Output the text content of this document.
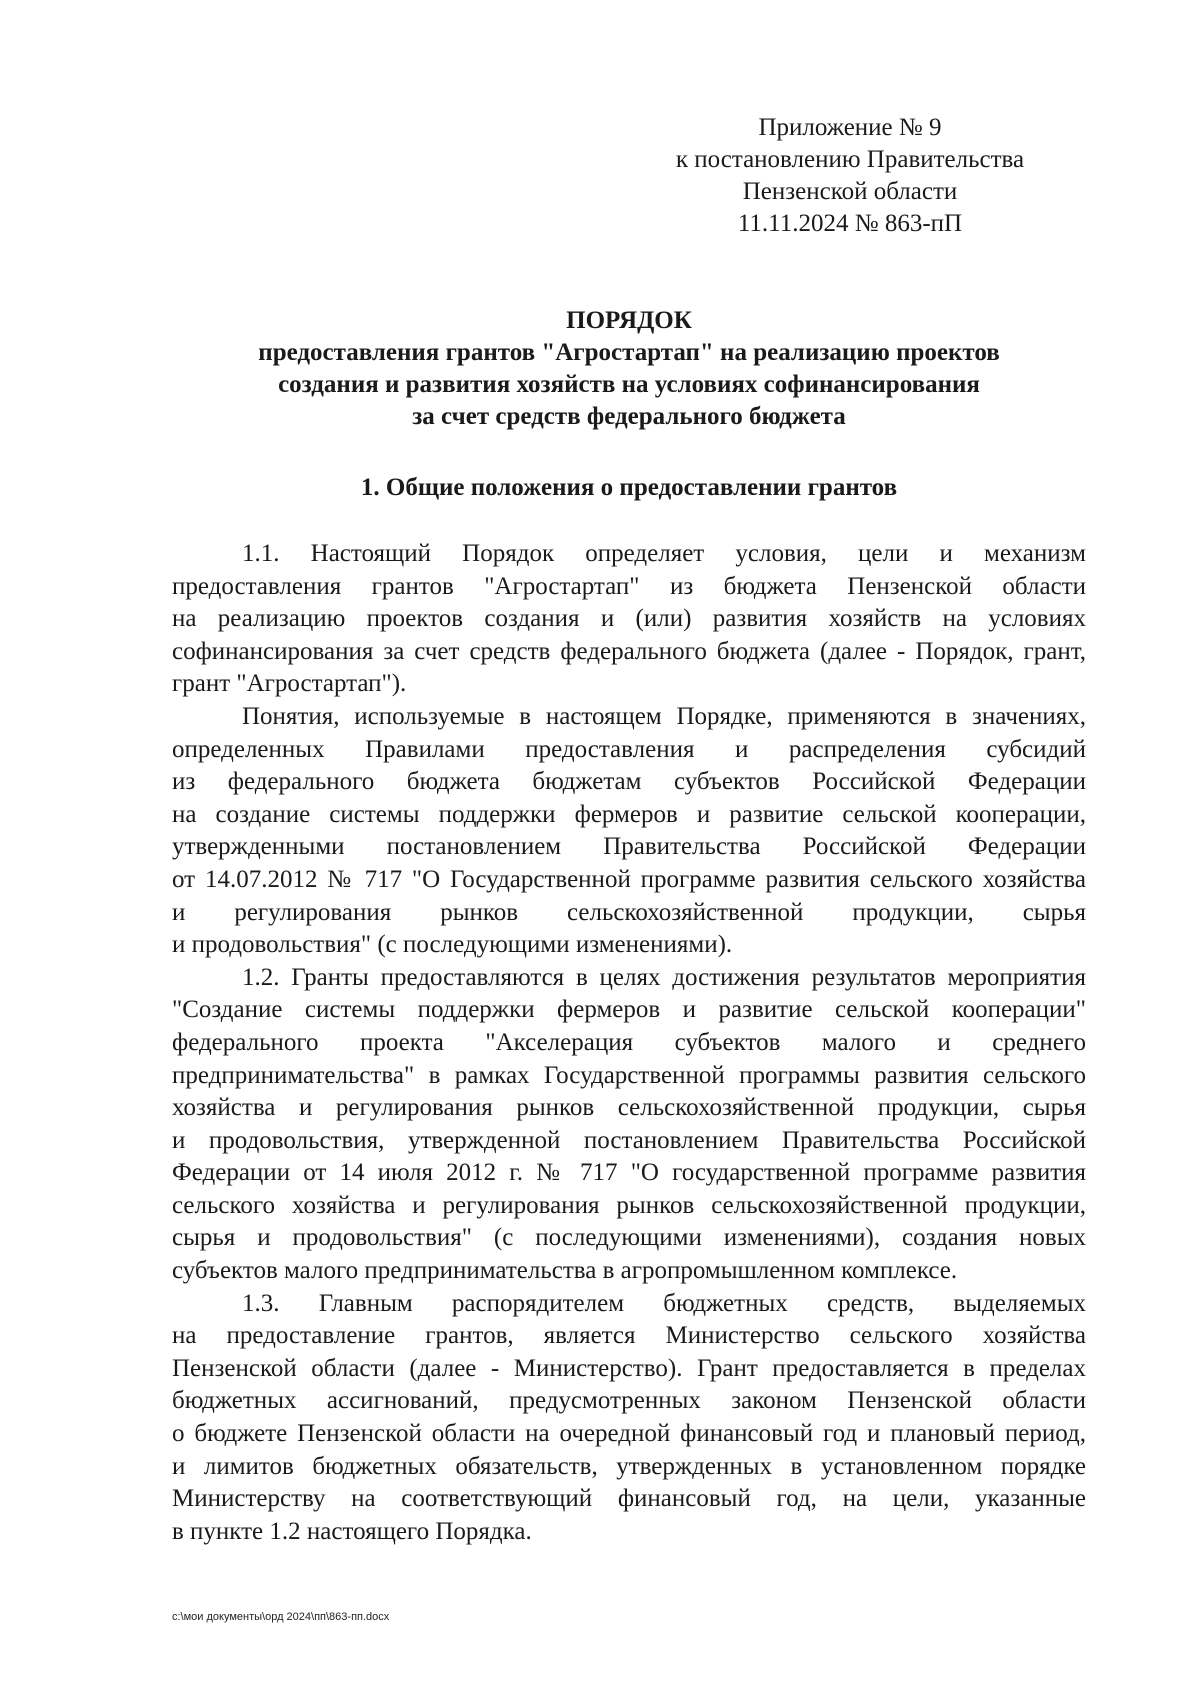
Приложение № 9
к постановлению Правительства
Пензенской области
11.11.2024 № 863-пП
ПОРЯДОК
предоставления грантов "Агростартап" на реализацию проектов
создания и развития хозяйств на условиях софинансирования
за счет средств федерального бюджета
1. Общие положения о предоставлении грантов
1.1. Настоящий Порядок определяет условия, цели и механизм
предоставления грантов "Агростартап" из бюджета Пензенской области
на реализацию проектов создания и (или) развития хозяйств на условиях
софинансирования за счет средств федерального бюджета (далее - Порядок, грант,
грант "Агростартап").
Понятия, используемые в настоящем Порядке, применяются в значениях,
определенных Правилами предоставления и распределения субсидий
из федерального бюджета бюджетам субъектов Российской Федерации
на создание системы поддержки фермеров и развитие сельской кооперации,
утвержденными постановлением Правительства Российской Федерации
от 14.07.2012 № 717 "О Государственной программе развития сельского хозяйства
и регулирования рынков сельскохозяйственной продукции, сырья
и продовольствия" (с последующими изменениями).
1.2. Гранты предоставляются в целях достижения результатов мероприятия
"Создание системы поддержки фермеров и развитие сельской кооперации"
федерального проекта "Акселерация субъектов малого и среднего
предпринимательства" в рамках Государственной программы развития сельского
хозяйства и регулирования рынков сельскохозяйственной продукции, сырья
и продовольствия, утвержденной постановлением Правительства Российской
Федерации от 14 июля 2012 г. № 717 "О государственной программе развития
сельского хозяйства и регулирования рынков сельскохозяйственной продукции,
сырья и продовольствия" (с последующими изменениями), создания новых
субъектов малого предпринимательства в агропромышленном комплексе.
1.3. Главным распорядителем бюджетных средств, выделяемых
на предоставление грантов, является Министерство сельского хозяйства
Пензенской области (далее - Министерство). Грант предоставляется в пределах
бюджетных ассигнований, предусмотренных законом Пензенской области
о бюджете Пензенской области на очередной финансовый год и плановый период,
и лимитов бюджетных обязательств, утвержденных в установленном порядке
Министерству на соответствующий финансовый год, на цели, указанные
в пункте 1.2 настоящего Порядка.
c:\мои документы\орд 2024\пп\863-пп.docx
